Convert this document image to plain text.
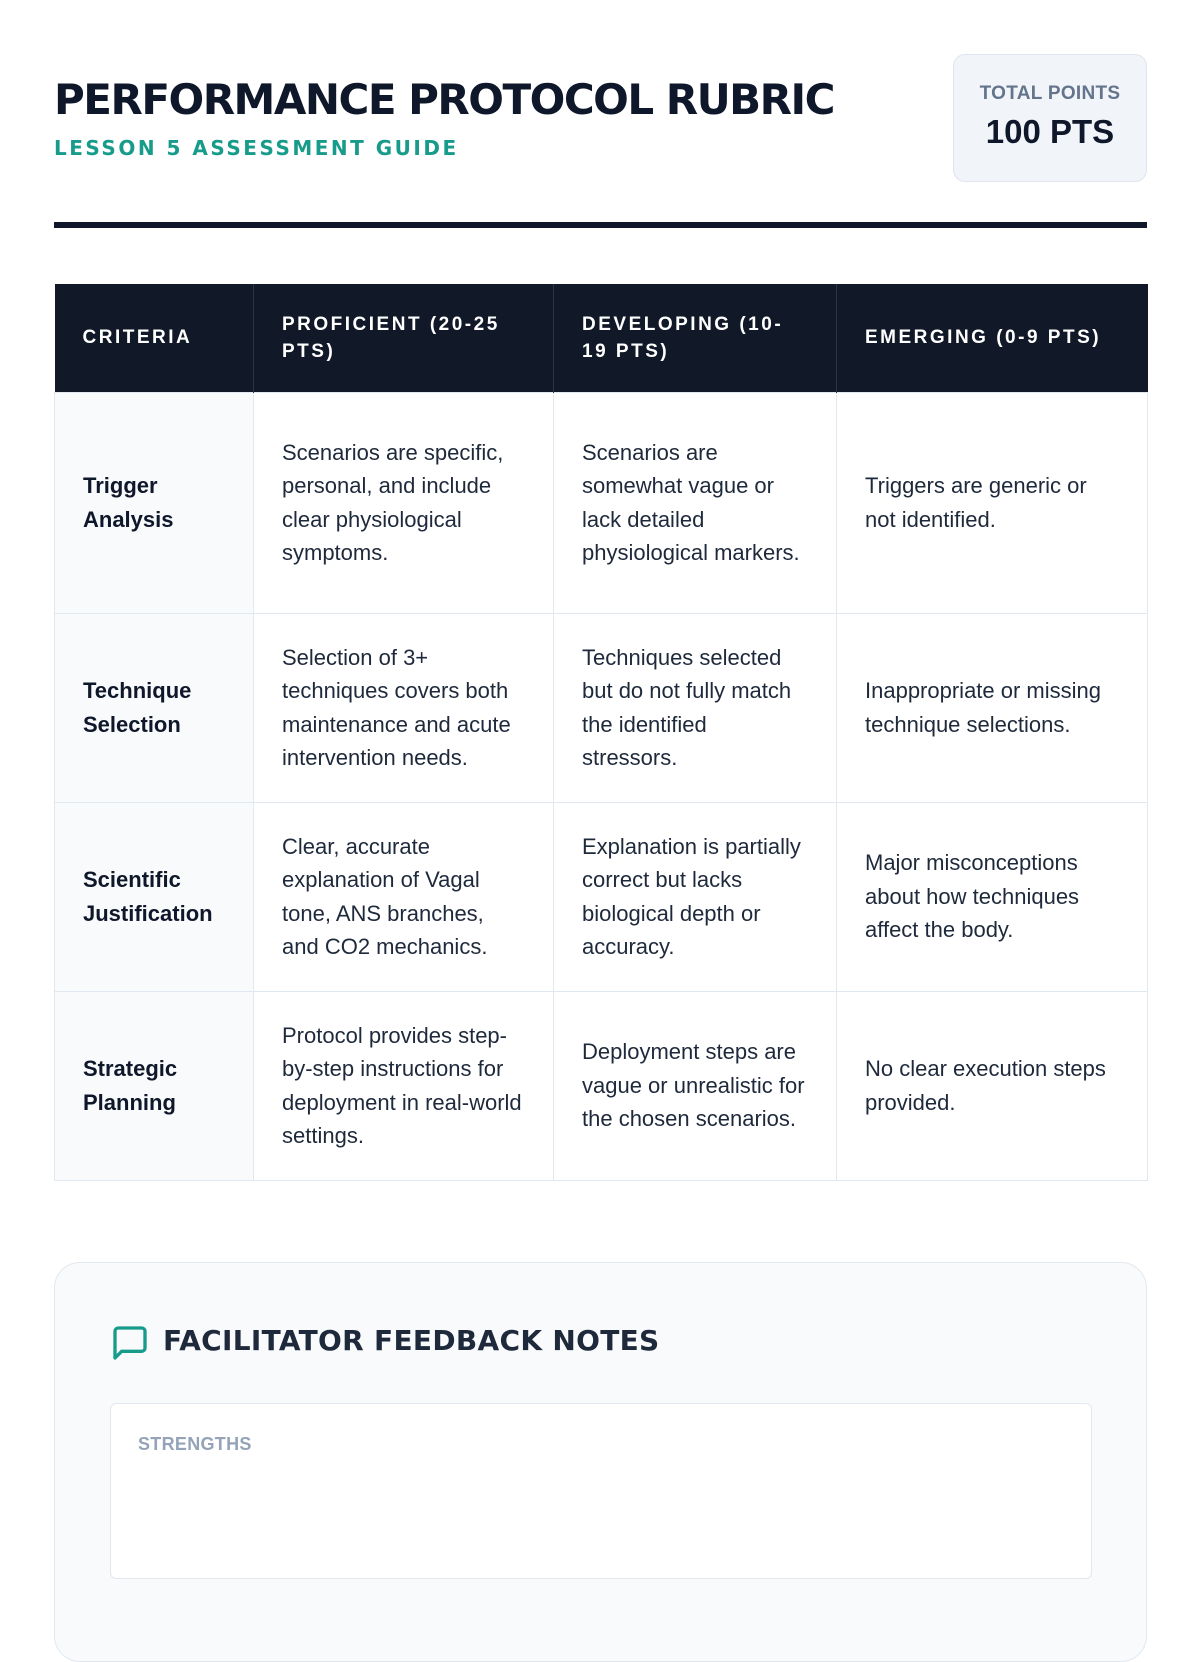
PERFORMANCE PROTOCOL RUBRIC
LESSON 5 ASSESSMENT GUIDE
TOTAL POINTS
100 PTS
CRITERIA	PROFICIENT (20-25 PTS)	DEVELOPING (10-19 PTS)	EMERGING (0-9 PTS)
Trigger Analysis	Scenarios are specific, personal, and include clear physiological symptoms.	Scenarios are somewhat vague or lack detailed physiological markers.	Triggers are generic or not identified.
Technique Selection	Selection of 3+ techniques covers both maintenance and acute intervention needs.	Techniques selected but do not fully match the identified stressors.	Inappropriate or missing technique selections.
Scientific Justification	Clear, accurate explanation of Vagal tone, ANS branches, and CO2 mechanics.	Explanation is partially correct but lacks biological depth or accuracy.	Major misconceptions about how techniques affect the body.
Strategic Planning	Protocol provides step-by-step instructions for deployment in real-world settings.	Deployment steps are vague or unrealistic for the chosen scenarios.	No clear execution steps provided.
FACILITATOR FEEDBACK NOTES
STRENGTHS
